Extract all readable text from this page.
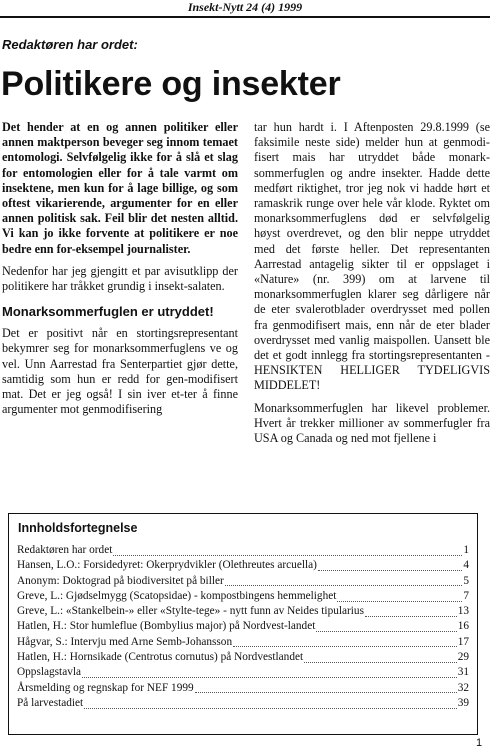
Insekt-Nytt 24 (4) 1999
Redaktøren har ordet:
Politikere og insekter

Det hender at en og annen politiker eller annen maktperson beveger seg innom temaet entomologi. Selvfølgelig ikke for å slå et slag for entomologien eller for å tale varmt om insektene, men kun for å lage billige, og som oftest vikarierende, argumenter for en eller annen politisk sak. Feil blir det nesten alltid. Vi kan jo ikke forvente at politikere er noe bedre enn for-eksempel journalister.

Nedenfor har jeg gjengitt et par avisutklipp der politikere har tråkket grundig i insekt-salaten.

Monarksommerfuglen er utryddet!

Det er positivt når en stortingsrepresentant bekymrer seg for monarksommerfuglens ve og vel. Unn Aarrestad fra Senterpartiet gjør dette, samtidig som hun er redd for gen-modifisert mat. Det er jeg også! I sin iver et-ter å finne argumenter mot genmodifisering

tar hun hardt i. I Aftenposten 29.8.1999 (se faksimile neste side) melder hun at genmodi-fisert mais har utryddet både monark-sommerfuglen og andre insekter. Hadde dette medført riktighet, tror jeg nok vi hadde hørt et ramaskrik runge over hele vår klode. Ryktet om monarksommerfuglens død er selvfølgelig høyst overdrevet, og den blir neppe utryddet med det første heller. Det representanten Aarrestad antagelig sikter til er oppslaget i «Nature» (nr. 399) om at larvene til monarksommerfuglen klarer seg dårligere når de eter svalerotblader overdrysset med pollen fra genmodifisert mais, enn når de eter blader overdrysset med vanlig maispollen. Uansett ble det et godt innlegg fra stortingsrepresentanten - HENSIKTEN HELLIGER TYDELIGVIS MIDDELET!

Monarksommerfuglen har likevel problemer. Hvert år trekker millioner av sommerfugler fra USA og Canada og ned mot fjellene i

Innholdsfortegnelse
Redaktøren har ordet	1
Hansen, L.O.: Forsidedyret: Okerprydvikler (Olethreutes arcuella)	4
Anonym: Doktograd på biodiversitet på biller	5
Greve, L.: Gjødselmygg (Scatopsidae) - kompostbingens hemmelighet	7
Greve, L.: «Stankelbein-» eller «Stylte-tege» - nytt funn av Neides tipularius	13
Hatlen, H.: Stor humleflue (Bombylius major) på Nordvest-landet	16
Hågvar, S.: Intervju med Arne Semb-Johansson	17
Hatlen, H.: Hornsikade (Centrotus cornutus) på Nordvestlandet	29
Oppslagstavla	31
Årsmelding og regnskap for NEF 1999	32
På larvestadiet	39
1
